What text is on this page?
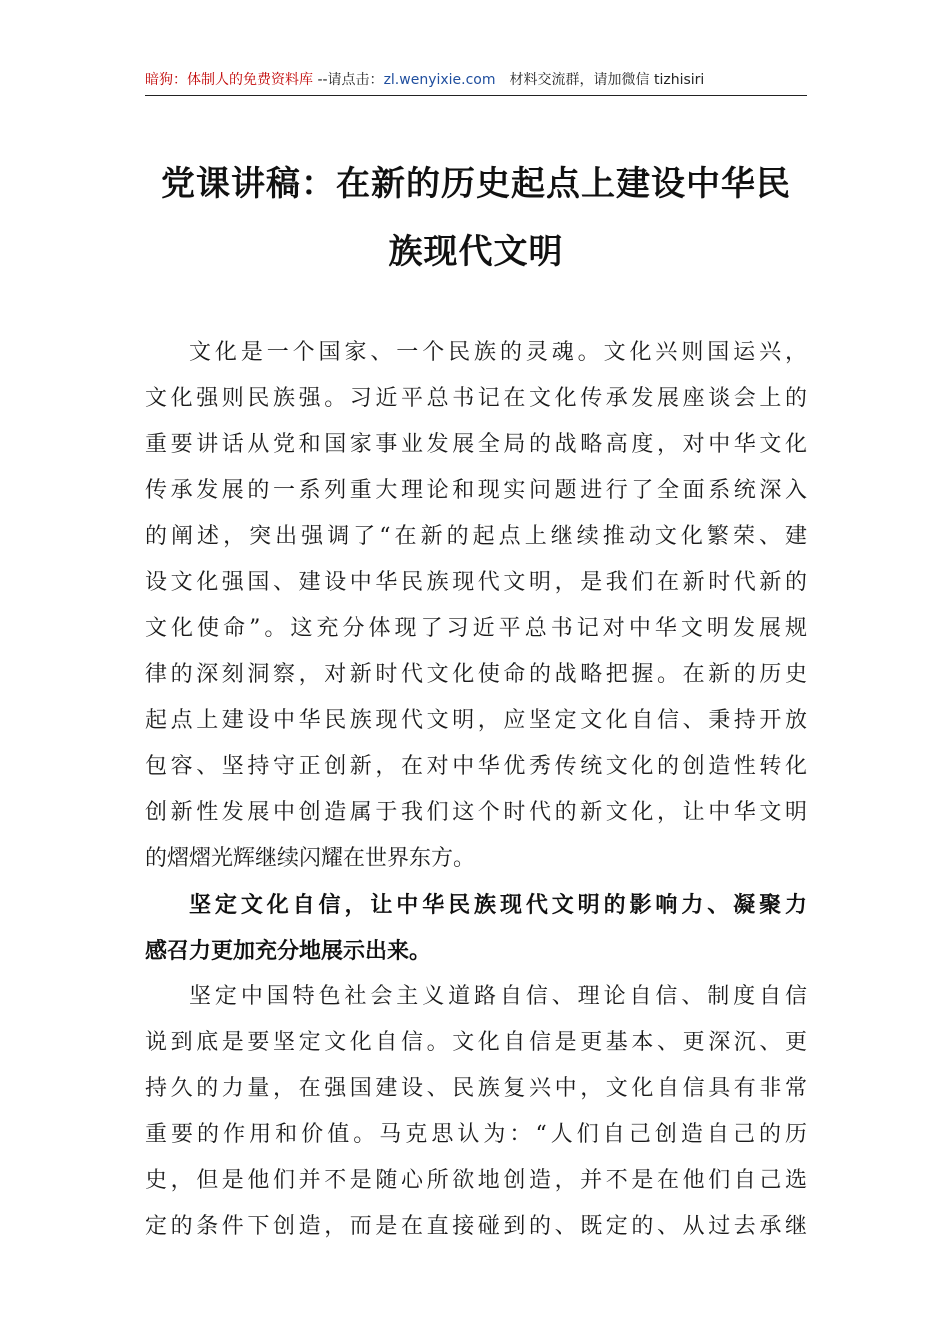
暗狗：体制人的免费资料库 --请点击：zl.wenyixie.com 材料交流群，请加微信 tizhisiri
党课讲稿：在新的历史起点上建设中华民
族现代文明
文化是一个国家、一个民族的灵魂。文化兴则国运兴，
文化强则民族强。习近平总书记在文化传承发展座谈会上的
重要讲话从党和国家事业发展全局的战略高度，对中华文化
传承发展的一系列重大理论和现实问题进行了全面系统深入
的阐述，突出强调了“在新的起点上继续推动文化繁荣、建
设文化强国、建设中华民族现代文明，是我们在新时代新的
文化使命”。这充分体现了习近平总书记对中华文明发展规
律的深刻洞察，对新时代文化使命的战略把握。在新的历史
起点上建设中华民族现代文明，应坚定文化自信、秉持开放
包容、坚持守正创新，在对中华优秀传统文化的创造性转化
创新性发展中创造属于我们这个时代的新文化，让中华文明
的熠熠光辉继续闪耀在世界东方。
坚定文化自信，让中华民族现代文明的影响力、凝聚力
感召力更加充分地展示出来。
坚定中国特色社会主义道路自信、理论自信、制度自信
说到底是要坚定文化自信。文化自信是更基本、更深沉、更
持久的力量，在强国建设、民族复兴中，文化自信具有非常
重要的作用和价值。马克思认为：“人们自己创造自己的历
史，但是他们并不是随心所欲地创造，并不是在他们自己选
定的条件下创造，而是在直接碰到的、既定的、从过去承继
